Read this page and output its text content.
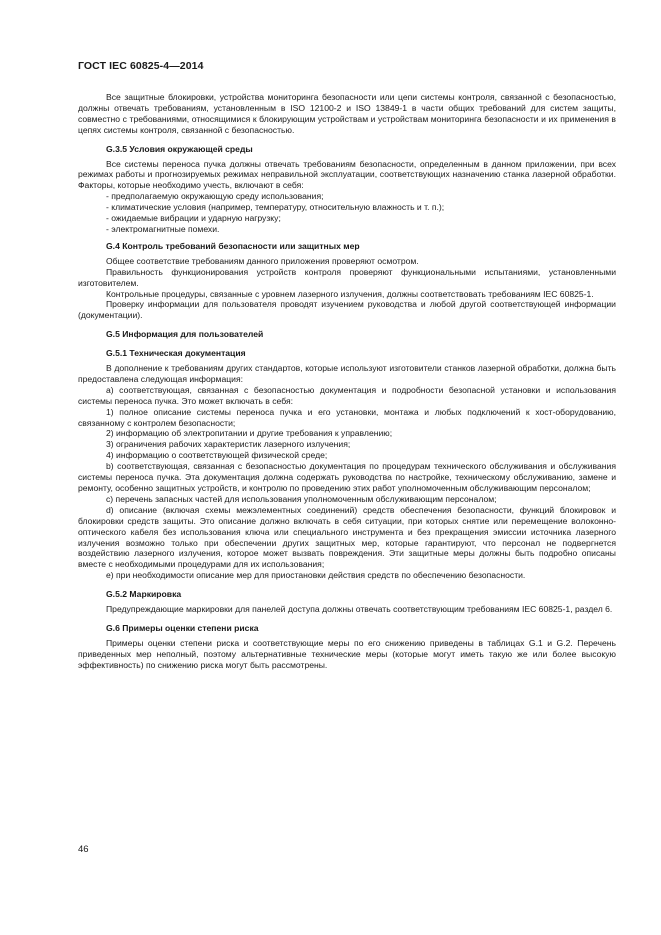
ГОСТ IEC 60825-4—2014

Все защитные блокировки, устройства мониторинга безопасности или цепи системы контроля, связанной с безопасностью, должны отвечать требованиям, установленным в ISO 12100-2 и ISO 13849-1 в части общих требований для систем защиты, совместно с требованиями, относящимися к блокирующим устройствам и устройствам мониторинга безопасности и их применения в цепях системы контроля, связанной с безопасностью.

G.3.5 Условия окружающей среды

Все системы переноса пучка должны отвечать требованиям безопасности, определенным в данном приложении, при всех режимах работы и прогнозируемых режимах неправильной эксплуатации, соответствующих назначению станка лазерной обработки. Факторы, которые необходимо учесть, включают в себя:

- предполагаемую окружающую среду использования;

- климатические условия (например, температуру, относительную влажность и т. п.);

- ожидаемые вибрации и ударную нагрузку;

- электромагнитные помехи.

G.4 Контроль требований безопасности или защитных мер

Общее соответствие требованиям данного приложения проверяют осмотром.

Правильность функционирования устройств контроля проверяют функциональными испытаниями, установленными изготовителем.

Контрольные процедуры, связанные с уровнем лазерного излучения, должны соответствовать требованиям IEC 60825-1.

Проверку информации для пользователя проводят изучением руководства и любой другой соответствующей информации (документации).

G.5 Информация для пользователей

G.5.1 Техническая документация

В дополнение к требованиям других стандартов, которые используют изготовители станков лазерной обработки, должна быть предоставлена следующая информация:

а) соответствующая, связанная с безопасностью документация и подробности безопасной установки и использования системы переноса пучка. Это может включать в себя:

1) полное описание системы переноса пучка и его установки, монтажа и любых подключений к хост-оборудованию, связанному с контролем безопасности;

2) информацию об электропитании и другие требования к управлению;

3) ограничения рабочих характеристик лазерного излучения;

4) информацию о соответствующей физической среде;

b) соответствующая, связанная с безопасностью документация по процедурам технического обслуживания и обслуживания системы переноса пучка. Эта документация должна содержать руководства по настройке, техническому обслуживанию, замене и ремонту, особенно защитных устройств, и контролю по проведению этих работ уполномоченным обслуживающим персоналом;

c) перечень запасных частей для использования уполномоченным обслуживающим персоналом;

d) описание (включая схемы межэлементных соединений) средств обеспечения безопасности, функций блокировок и блокировки средств защиты. Это описание должно включать в себя ситуации, при которых снятие или перемещение волоконно-оптического кабеля без использования ключа или специального инструмента и без прекращения эмиссии источника лазерного излучения возможно только при обеспечении других защитных мер, которые гарантируют, что персонал не подвергнется воздействию лазерного излучения, которое может вызвать повреждения. Эти защитные меры должны быть подробно описаны вместе с необходимыми процедурами для их использования;

e) при необходимости описание мер для приостановки действия средств по обеспечению безопасности.

G.5.2 Маркировка

Предупреждающие маркировки для панелей доступа должны отвечать соответствующим требованиям IEC 60825-1, раздел 6.

G.6 Примеры оценки степени риска

Примеры оценки степени риска и соответствующие меры по его снижению приведены в таблицах G.1 и G.2. Перечень приведенных мер неполный, поэтому альтернативные технические меры (которые могут иметь такую же или более высокую эффективность) по снижению риска могут быть рассмотрены.

46
